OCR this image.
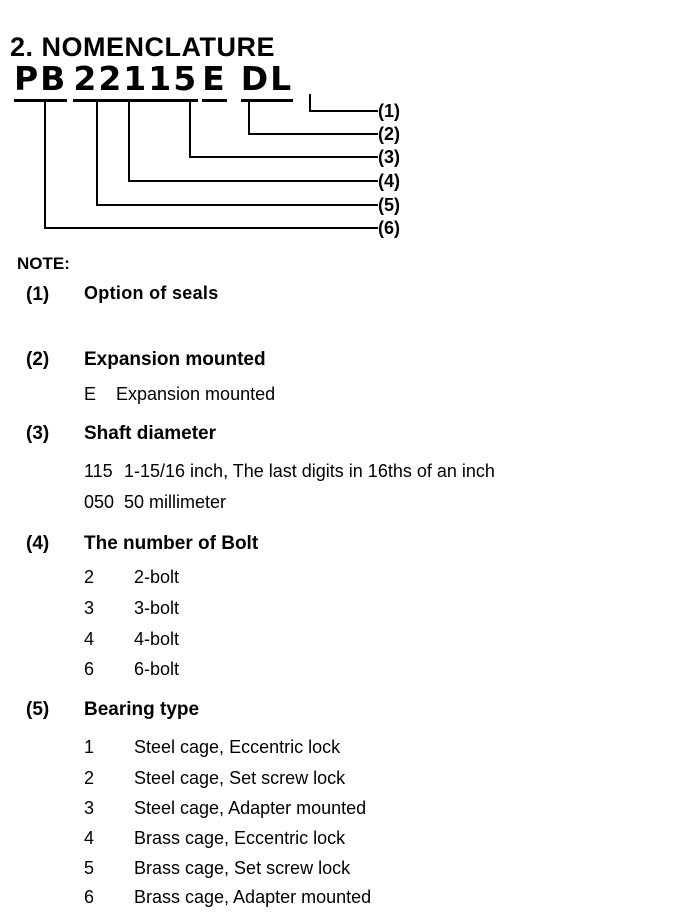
2. NOMENCLATURE
PB 22115 E DL
(1)
(2)
(3)
(4)
(5)
(6)
NOTE:
(1) Option of seals
(2) Expansion mounted
E Expansion mounted
(3) Shaft diameter
115 1-15/16 inch, The last digits in 16ths of an inch
050 50 millimeter
(4) The number of Bolt
2 2-bolt
3 3-bolt
4 4-bolt
6 6-bolt
(5) Bearing type
1 Steel cage, Eccentric lock
2 Steel cage, Set screw lock
3 Steel cage, Adapter mounted
4 Brass cage, Eccentric lock
5 Brass cage, Set screw lock
6 Brass cage, Adapter mounted
